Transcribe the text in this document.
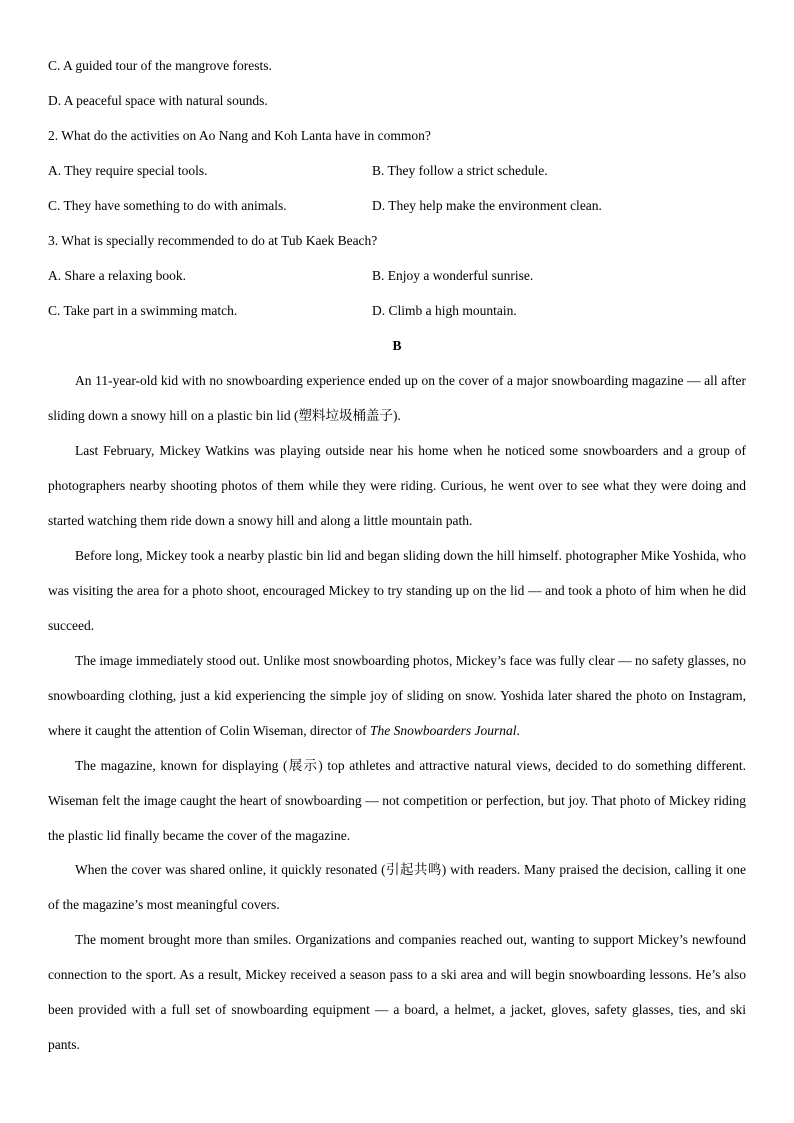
C. A guided tour of the mangrove forests.
D. A peaceful space with natural sounds.
2. What do the activities on Ao Nang and Koh Lanta have in common?
A. They require special tools.	B. They follow a strict schedule.
C. They have something to do with animals.	D. They help make the environment clean.
3. What is specially recommended to do at Tub Kaek Beach?
A. Share a relaxing book.	B. Enjoy a wonderful sunrise.
C. Take part in a swimming match.	D. Climb a high mountain.
B
An 11-year-old kid with no snowboarding experience ended up on the cover of a major snowboarding magazine — all after sliding down a snowy hill on a plastic bin lid (塑料垃圾桶盖子).
Last February, Mickey Watkins was playing outside near his home when he noticed some snowboarders and a group of photographers nearby shooting photos of them while they were riding. Curious, he went over to see what they were doing and started watching them ride down a snowy hill and along a little mountain path.
Before long, Mickey took a nearby plastic bin lid and began sliding down the hill himself. photographer Mike Yoshida, who was visiting the area for a photo shoot, encouraged Mickey to try standing up on the lid — and took a photo of him when he did succeed.
The image immediately stood out. Unlike most snowboarding photos, Mickey’s face was fully clear — no safety glasses, no snowboarding clothing, just a kid experiencing the simple joy of sliding on snow. Yoshida later shared the photo on Instagram, where it caught the attention of Colin Wiseman, director of The Snowboarders Journal.
The magazine, known for displaying (展示) top athletes and attractive natural views, decided to do something different. Wiseman felt the image caught the heart of snowboarding — not competition or perfection, but joy. That photo of Mickey riding the plastic lid finally became the cover of the magazine.
When the cover was shared online, it quickly resonated (引起共鸣) with readers. Many praised the decision, calling it one of the magazine’s most meaningful covers.
The moment brought more than smiles. Organizations and companies reached out, wanting to support Mickey’s newfound connection to the sport. As a result, Mickey received a season pass to a ski area and will begin snowboarding lessons. He’s also been provided with a full set of snowboarding equipment — a board, a helmet, a jacket, gloves, safety glasses, ties, and ski pants.
